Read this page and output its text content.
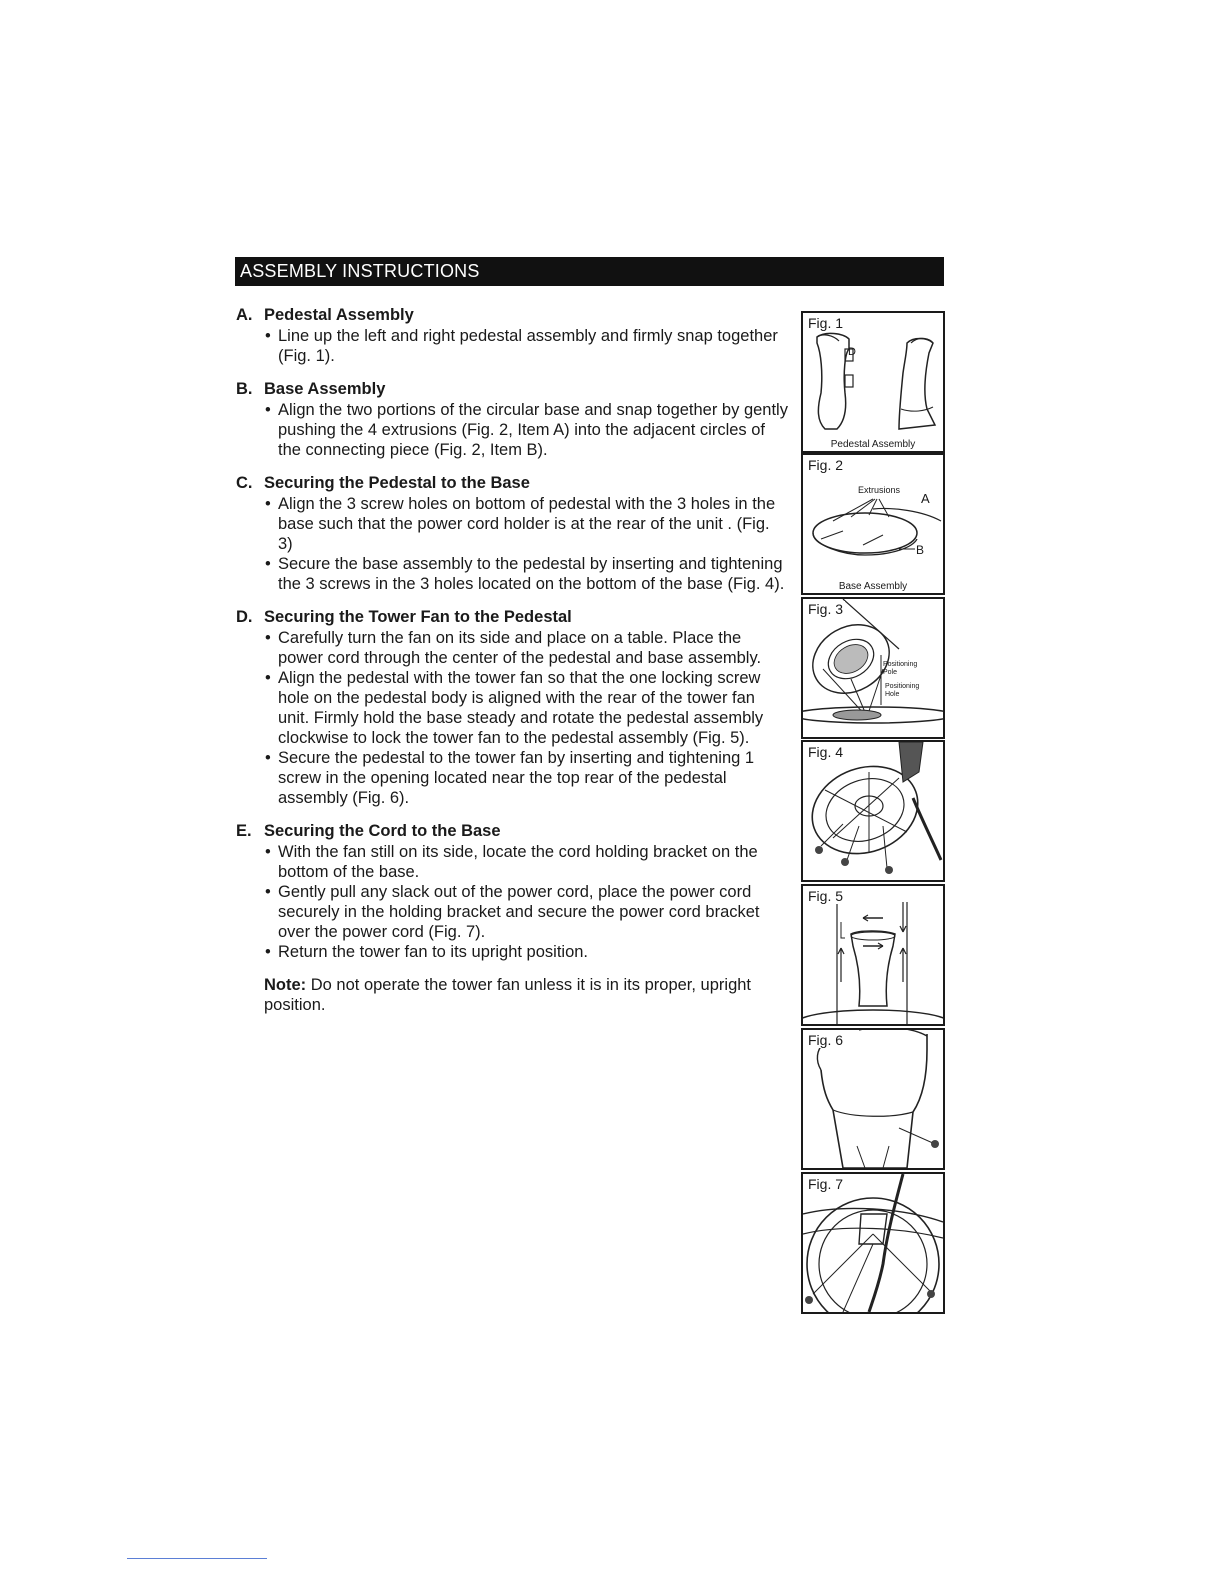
ASSEMBLY INSTRUCTIONS
A. Pedestal Assembly
• Line up the left and right pedestal assembly and firmly snap together (Fig. 1).
B. Base Assembly
• Align the two portions of the circular base and snap together by gently pushing the 4 extrusions (Fig. 2, Item A) into the adjacent circles of the connecting piece (Fig. 2, Item B).
C. Securing the Pedestal to the Base
• Align the 3 screw holes on bottom of pedestal with the 3 holes in the base such that the power cord holder is at the rear of the unit . (Fig. 3)
• Secure the base assembly to the pedestal by inserting and tightening the 3 screws in the 3 holes located on the bottom of the base (Fig. 4).
D. Securing the Tower Fan to the Pedestal
• Carefully turn the fan on its side and place on a table. Place the power cord through the center of the pedestal and base assembly.
• Align the pedestal with the tower fan so that the one locking screw hole on the pedestal body is aligned with the rear of the tower fan unit. Firmly hold the base steady and rotate the pedestal assembly clockwise to lock the tower fan to the pedestal assembly (Fig. 5).
• Secure the pedestal to the tower fan by inserting and tightening 1 screw in the opening located near the top rear of the pedestal assembly (Fig. 6).
E. Securing the Cord to the Base
• With the fan still on its side, locate the cord holding bracket on the bottom of the base.
• Gently pull any slack out of the power cord, place the power cord securely in the holding bracket and secure the power cord bracket over the power cord (Fig. 7).
• Return the tower fan to its upright position.
Note: Do not operate the tower fan unless it is in its proper, upright position.
Fig. 1
D
Pedestal Assembly
Fig. 2
Extrusions
A
B
Base Assembly
Fig. 3
Positioning Pole
Positioning Hole
Fig. 4
Fig. 5
Fig. 6
Fig. 7
